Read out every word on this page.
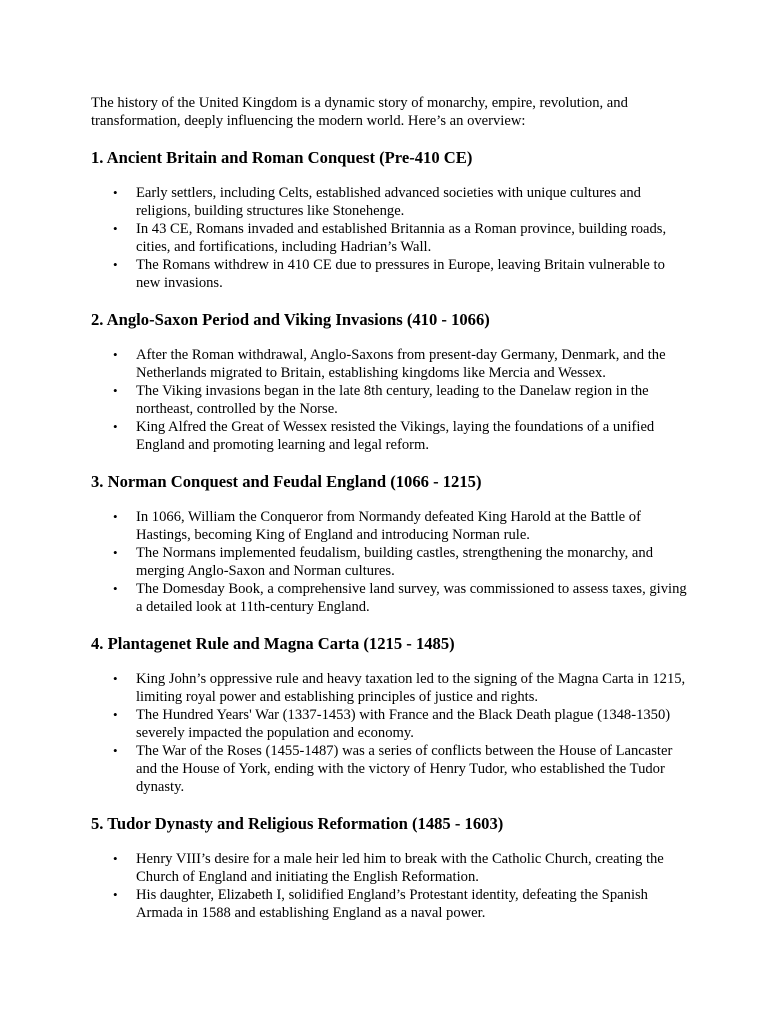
The history of the United Kingdom is a dynamic story of monarchy, empire, revolution, and transformation, deeply influencing the modern world. Here’s an overview:

1. Ancient Britain and Roman Conquest (Pre-410 CE)
• Early settlers, including Celts, established advanced societies with unique cultures and religions, building structures like Stonehenge.
• In 43 CE, Romans invaded and established Britannia as a Roman province, building roads, cities, and fortifications, including Hadrian’s Wall.
• The Romans withdrew in 410 CE due to pressures in Europe, leaving Britain vulnerable to new invasions.
2. Anglo-Saxon Period and Viking Invasions (410 - 1066)
• After the Roman withdrawal, Anglo-Saxons from present-day Germany, Denmark, and the Netherlands migrated to Britain, establishing kingdoms like Mercia and Wessex.
• The Viking invasions began in the late 8th century, leading to the Danelaw region in the northeast, controlled by the Norse.
• King Alfred the Great of Wessex resisted the Vikings, laying the foundations of a unified England and promoting learning and legal reform.
3. Norman Conquest and Feudal England (1066 - 1215)
• In 1066, William the Conqueror from Normandy defeated King Harold at the Battle of Hastings, becoming King of England and introducing Norman rule.
• The Normans implemented feudalism, building castles, strengthening the monarchy, and merging Anglo-Saxon and Norman cultures.
• The Domesday Book, a comprehensive land survey, was commissioned to assess taxes, giving a detailed look at 11th-century England.
4. Plantagenet Rule and Magna Carta (1215 - 1485)
• King John’s oppressive rule and heavy taxation led to the signing of the Magna Carta in 1215, limiting royal power and establishing principles of justice and rights.
• The Hundred Years' War (1337-1453) with France and the Black Death plague (1348-1350) severely impacted the population and economy.
• The War of the Roses (1455-1487) was a series of conflicts between the House of Lancaster and the House of York, ending with the victory of Henry Tudor, who established the Tudor dynasty.
5. Tudor Dynasty and Religious Reformation (1485 - 1603)
• Henry VIII’s desire for a male heir led him to break with the Catholic Church, creating the Church of England and initiating the English Reformation.
• His daughter, Elizabeth I, solidified England’s Protestant identity, defeating the Spanish Armada in 1588 and establishing England as a naval power.
